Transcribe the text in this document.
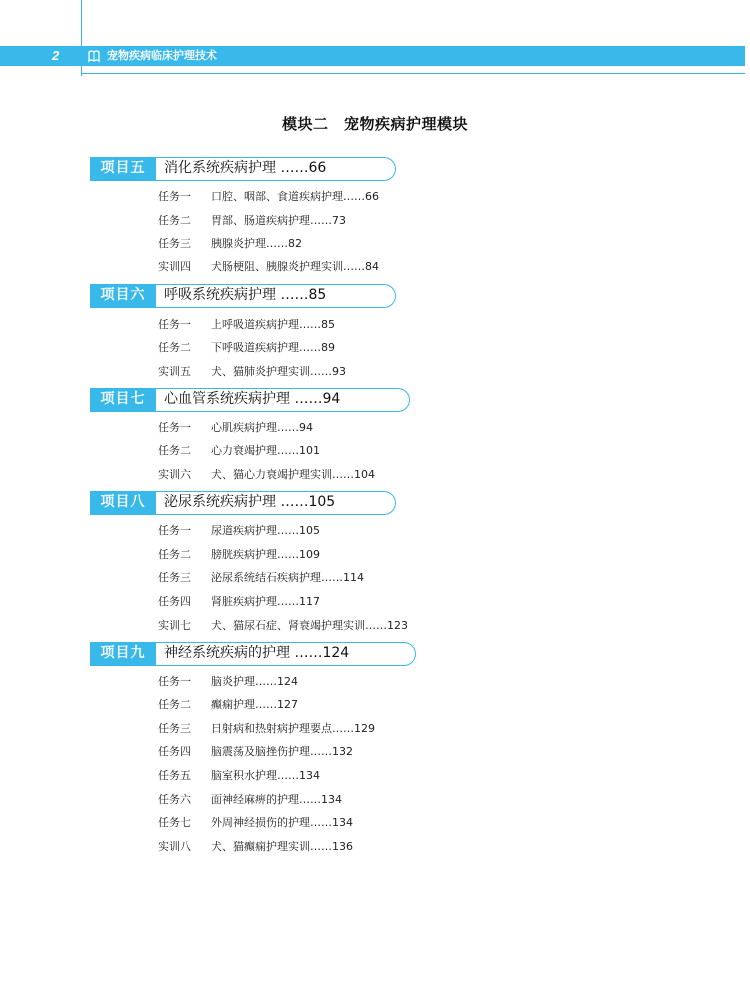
2	宠物疾病临床护理技术
模块二　宠物疾病护理模块
项目五	消化系统疾病护理 ……66
任务一 口腔、咽部、食道疾病护理……66
任务二 胃部、肠道疾病护理……73
任务三 胰腺炎护理……82
实训四 犬肠梗阻、胰腺炎护理实训……84
项目六	呼吸系统疾病护理 ……85
任务一 上呼吸道疾病护理……85
任务二 下呼吸道疾病护理……89
实训五 犬、猫肺炎护理实训……93
项目七	心血管系统疾病护理 ……94
任务一 心肌疾病护理……94
任务二 心力衰竭护理……101
实训六 犬、猫心力衰竭护理实训……104
项目八	泌尿系统疾病护理 ……105
任务一 尿道疾病护理……105
任务二 膀胱疾病护理……109
任务三 泌尿系统结石疾病护理……114
任务四 肾脏疾病护理……117
实训七 犬、猫尿石症、肾衰竭护理实训……123
项目九	神经系统疾病的护理 ……124
任务一 脑炎护理……124
任务二 癫痫护理……127
任务三 日射病和热射病护理要点……129
任务四 脑震荡及脑挫伤护理……132
任务五 脑室积水护理……134
任务六 面神经麻痹的护理……134
任务七 外周神经损伤的护理……134
实训八 犬、猫癫痫护理实训……136
